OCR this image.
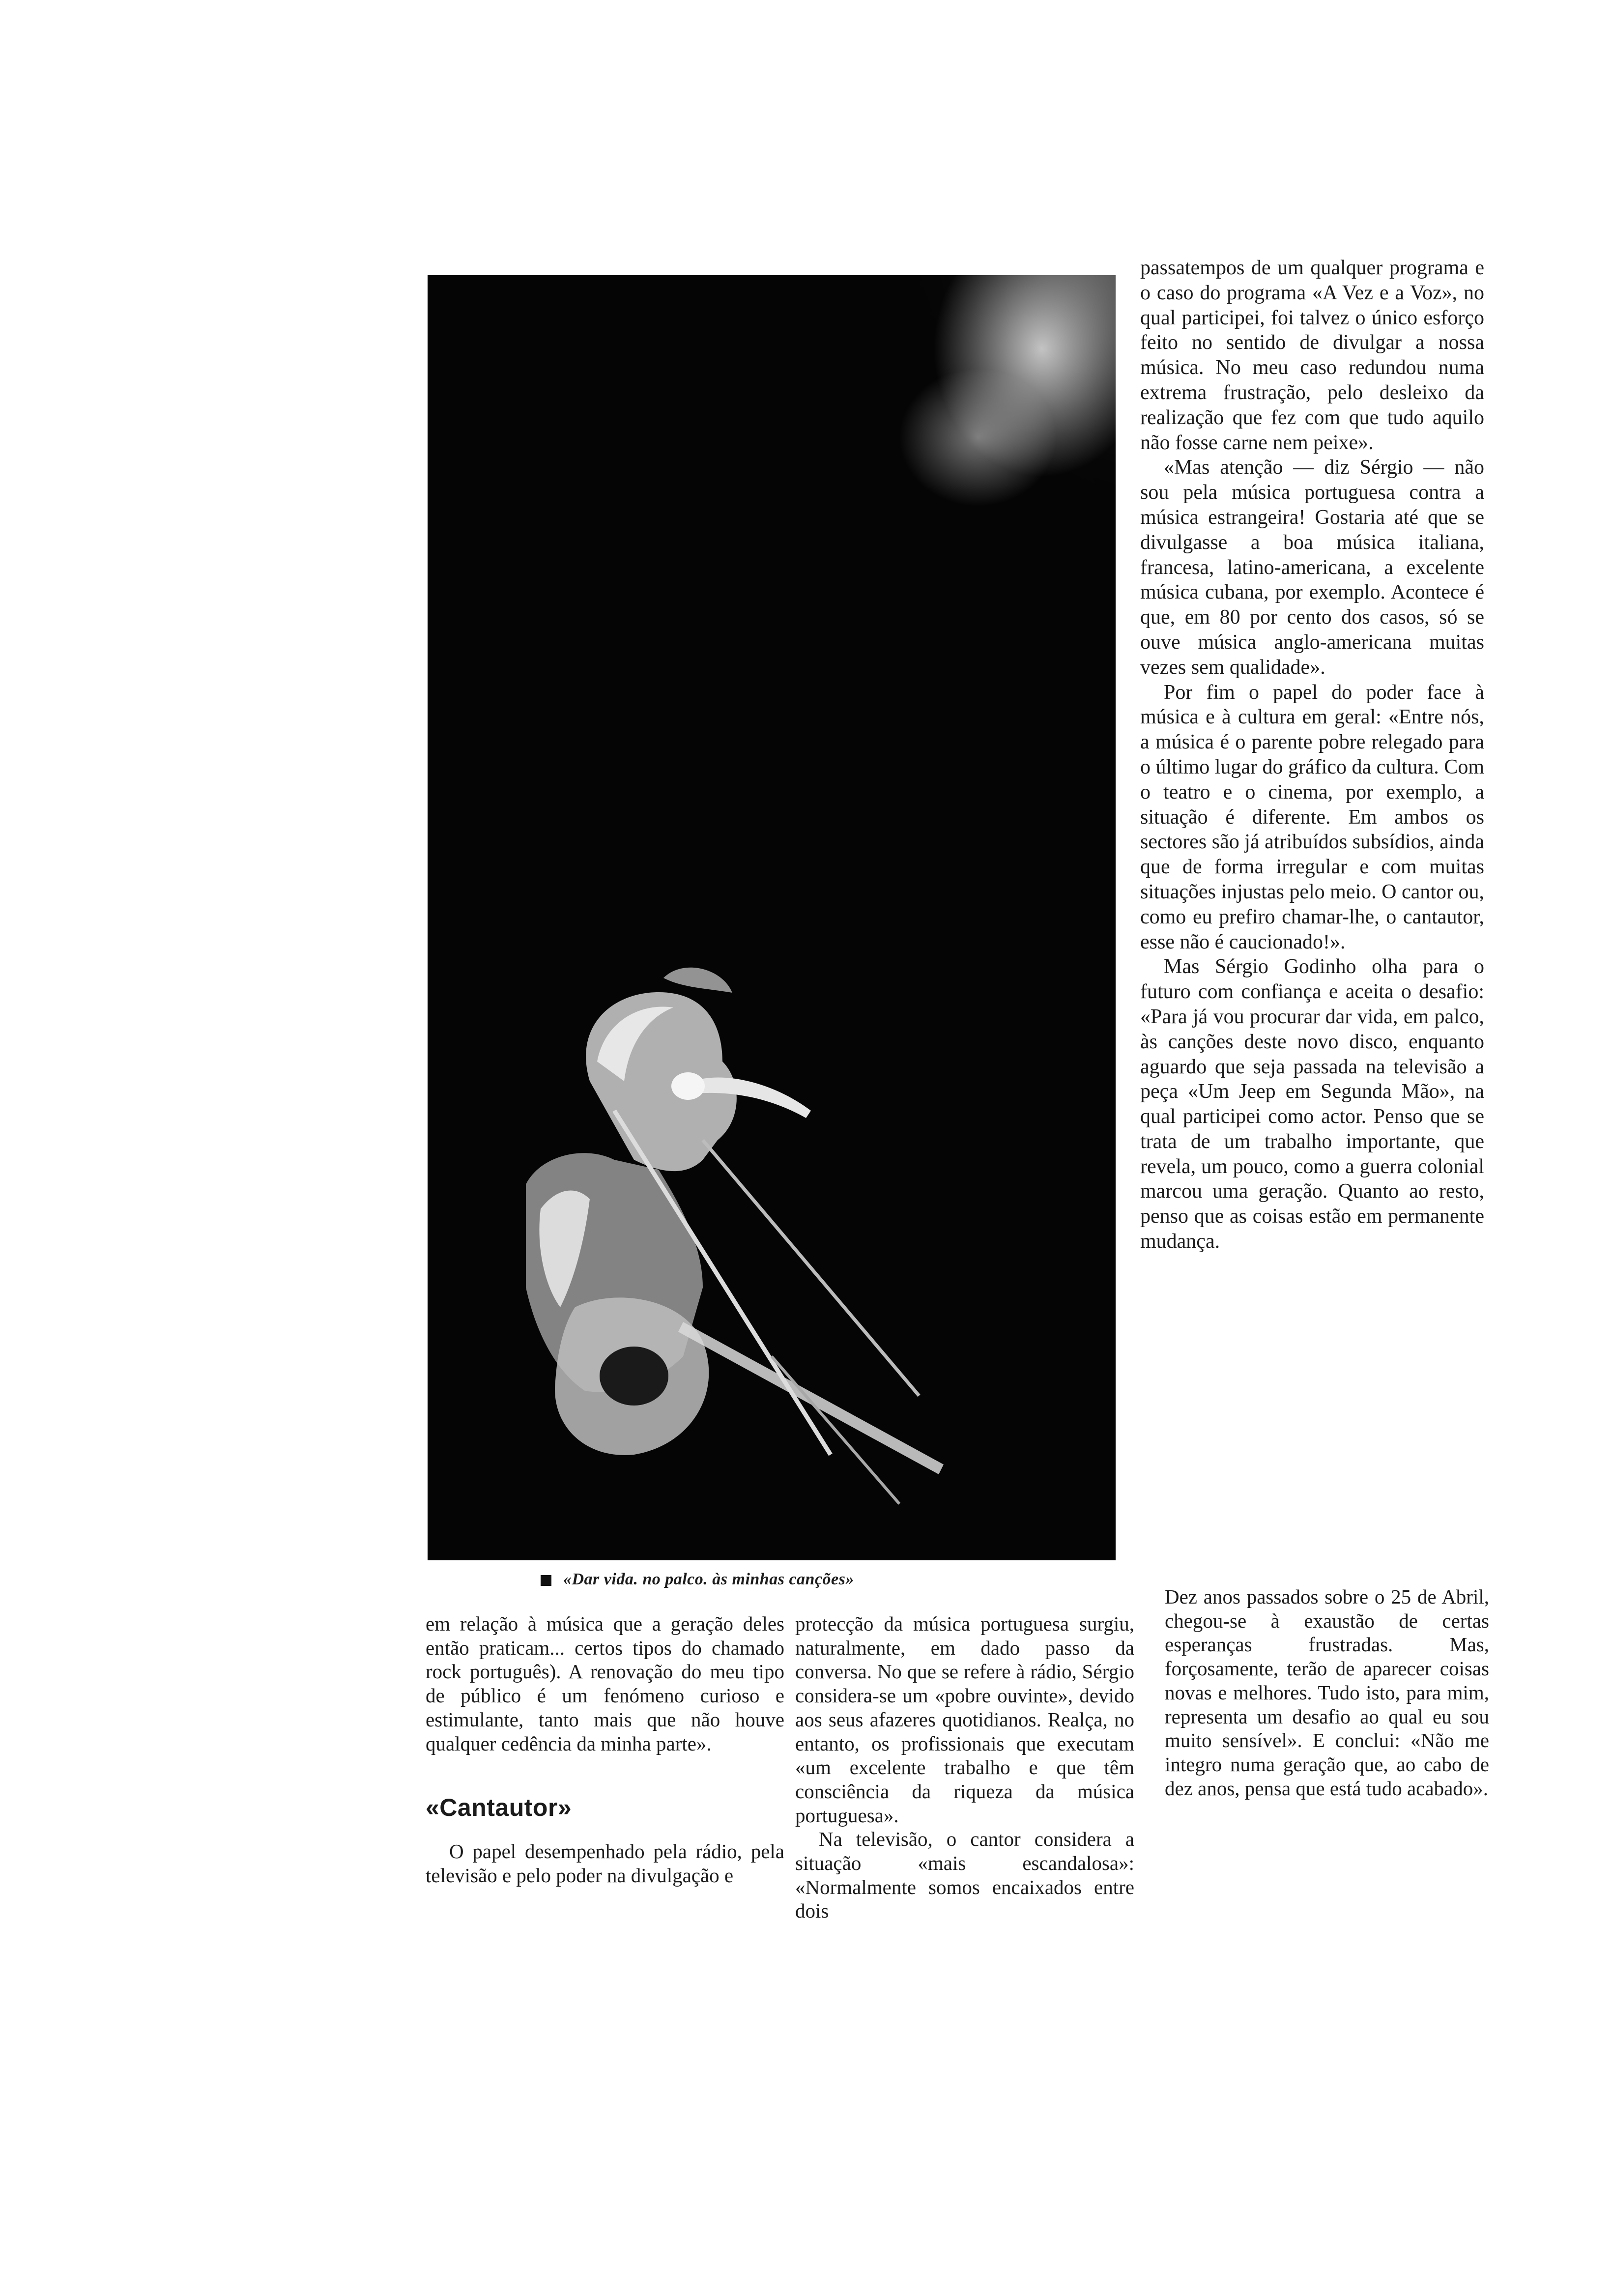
«Dar vida. no palco. às minhas canções»

passatempos de um qualquer programa e o caso do programa «A Vez e a Voz», no qual participei, foi talvez o único esforço feito no sentido de divulgar a nossa música. No meu caso redundou numa extrema frustração, pelo desleixo da realização que fez com que tudo aquilo não fosse carne nem peixe».

«Mas atenção — diz Sérgio — não sou pela música portuguesa contra a música estrangeira! Gostaria até que se divulgasse a boa música italiana, francesa, latino-americana, a excelente música cubana, por exemplo. Acontece é que, em 80 por cento dos casos, só se ouve música anglo-americana muitas vezes sem qualidade».

Por fim o papel do poder face à música e à cultura em geral: «Entre nós, a música é o parente pobre relegado para o último lugar do gráfico da cultura. Com o teatro e o cinema, por exemplo, a situação é diferente. Em ambos os sectores são já atribuídos subsídios, ainda que de forma irregular e com muitas situações injustas pelo meio. O cantor ou, como eu prefiro chamar-lhe, o cantautor, esse não é caucionado!».

Mas Sérgio Godinho olha para o futuro com confiança e aceita o desafio: «Para já vou procurar dar vida, em palco, às canções deste novo disco, enquanto aguardo que seja passada na televisão a peça «Um Jeep em Segunda Mão», na qual participei como actor. Penso que se trata de um trabalho importante, que revela, um pouco, como a guerra colonial marcou uma geração. Quanto ao resto, penso que as coisas estão em permanente mudança.

em relação à música que a geração deles então praticam... certos tipos do chamado rock português). A renovação do meu tipo de público é um fenómeno curioso e estimulante, tanto mais que não houve qualquer cedência da minha parte».

«Cantautor»

O papel desempenhado pela rádio, pela televisão e pelo poder na divulgação e

protecção da música portuguesa surgiu, naturalmente, em dado passo da conversa. No que se refere à rádio, Sérgio considera-se um «pobre ouvinte», devido aos seus afazeres quotidianos. Realça, no entanto, os profissionais que executam «um excelente trabalho e que têm consciência da riqueza da música portuguesa».

Na televisão, o cantor considera a situação «mais escandalosa»: «Normalmente somos encaixados entre dois

Dez anos passados sobre o 25 de Abril, chegou-se à exaustão de certas esperanças frustradas. Mas, forçosamente, terão de aparecer coisas novas e melhores. Tudo isto, para mim, representa um desafio ao qual eu sou muito sensível». E conclui: «Não me integro numa geração que, ao cabo de dez anos, pensa que está tudo acabado».
